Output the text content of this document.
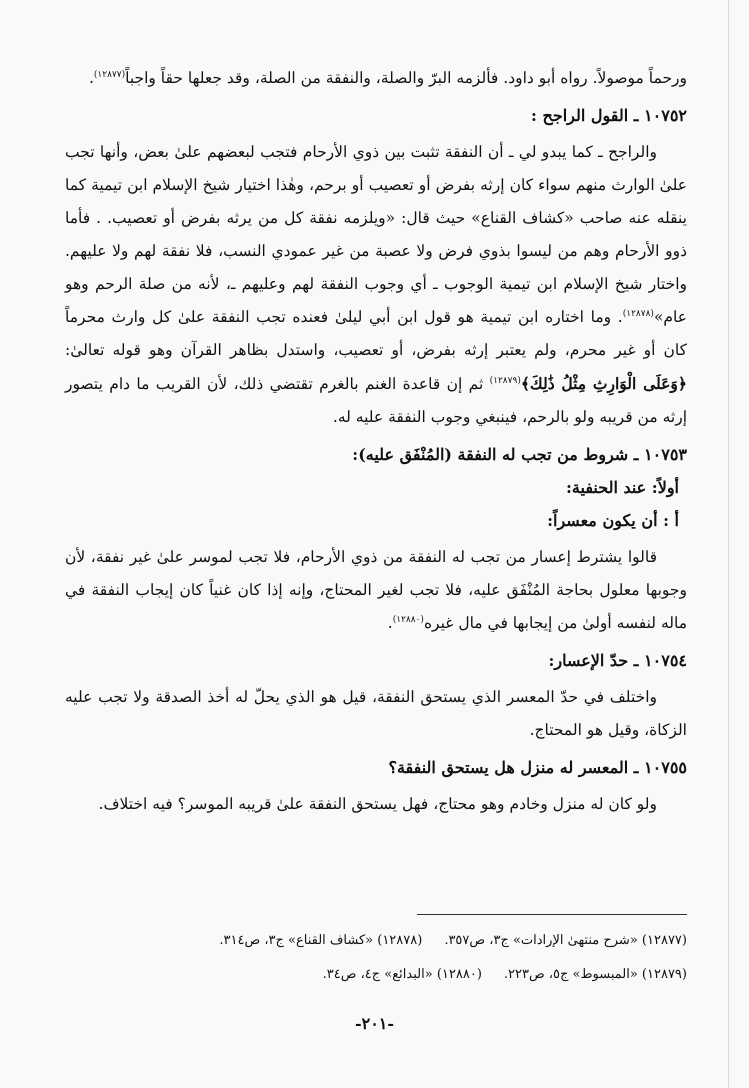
ورحماً موصولاً. رواه أبو داود. فألزمه البرّ والصلة، والنفقة من الصلة، وقد جعلها حقاً واجباً$^{(١٢٨٧٧)}$.

١٠٧٥٢ ـ القول الراجح :

والراجح ـ كما يبدو لي ـ أن النفقة تثبت بين ذوي الأرحام فتجب لبعضهم علىٰ بعض، وأنها تجب علىٰ الوارث منهم سواء كان إرثه بفرض أو تعصيب أو برحم، وهٰذا اختيار شيخ الإسلام ابن تيمية كما ينقله عنه صاحب «كشاف القناع» حيث قال: «ويلزمه نفقة كل من يرثه بفرض أو تعصيب. . فأما ذوو الأرحام وهم من ليسوا بذوي فرض ولا عصبة من غير عمودي النسب، فلا نفقة لهم ولا عليهم. واختار شيخ الإسلام ابن تيمية الوجوب ـ أي وجوب النفقة لهم وعليهم ـ، لأنه من صلة الرحم وهو عام»$^{(١٢٨٧٨)}$. وما اختاره ابن تيمية هو قول ابن أبي ليلىٰ فعنده تجب النفقة علىٰ كل وارث محرماً كان أو غير محرم، ولم يعتبر إرثه بفرض، أو تعصيب، واستدل بظاهر القرآن وهو قوله تعالىٰ: ﴿وَعَلَى الْوَارِثِ مِثْلُ ذَٰلِكَ﴾$^{(١٢٨٧٩)}$ ثم إن قاعدة الغنم بالغرم تقتضي ذلك، لأن القريب ما دام يتصور إرثه من قريبه ولو بالرحم، فينبغي وجوب النفقة عليه له.

١٠٧٥٣ ـ شروط من تجب له النفقة (المُنْفَق عليه):

أولاً: عند الحنفية:

أ : أن يكون معسراً:

قالوا يشترط إعسار من تجب له النفقة من ذوي الأرحام، فلا تجب لموسر علىٰ غير نفقة، لأن وجوبها معلول بحاجة المُنْفَق عليه، فلا تجب لغير المحتاج، وإنه إذا كان غنياً كان إيجاب النفقة في ماله لنفسه أولىٰ من إيجابها في مال غيره$^{(١٢٨٨٠)}$.

١٠٧٥٤ ـ حدّ الإعسار:

واختلف في حدّ المعسر الذي يستحق النفقة، قيل هو الذي يحلّ له أخذ الصدقة ولا تجب عليه الزكاة، وقيل هو المحتاج.

١٠٧٥٥ ـ المعسر له منزل هل يستحق النفقة؟

ولو كان له منزل وخادم وهو محتاج، فهل يستحق النفقة علىٰ قريبه الموسر؟ فيه اختلاف.

(١٢٨٧٧) «شرح منتهىٰ الإرادات» ج٣، ص٣٥٧.
(١٢٨٧٨) «كشاف القناع» ج٣، ص٣١٤.
(١٢٨٧٩) «المبسوط» ج٥، ص٢٢٣.
(١٢٨٨٠) «البدائع» ج٤، ص٣٤.
-٢٠١-
